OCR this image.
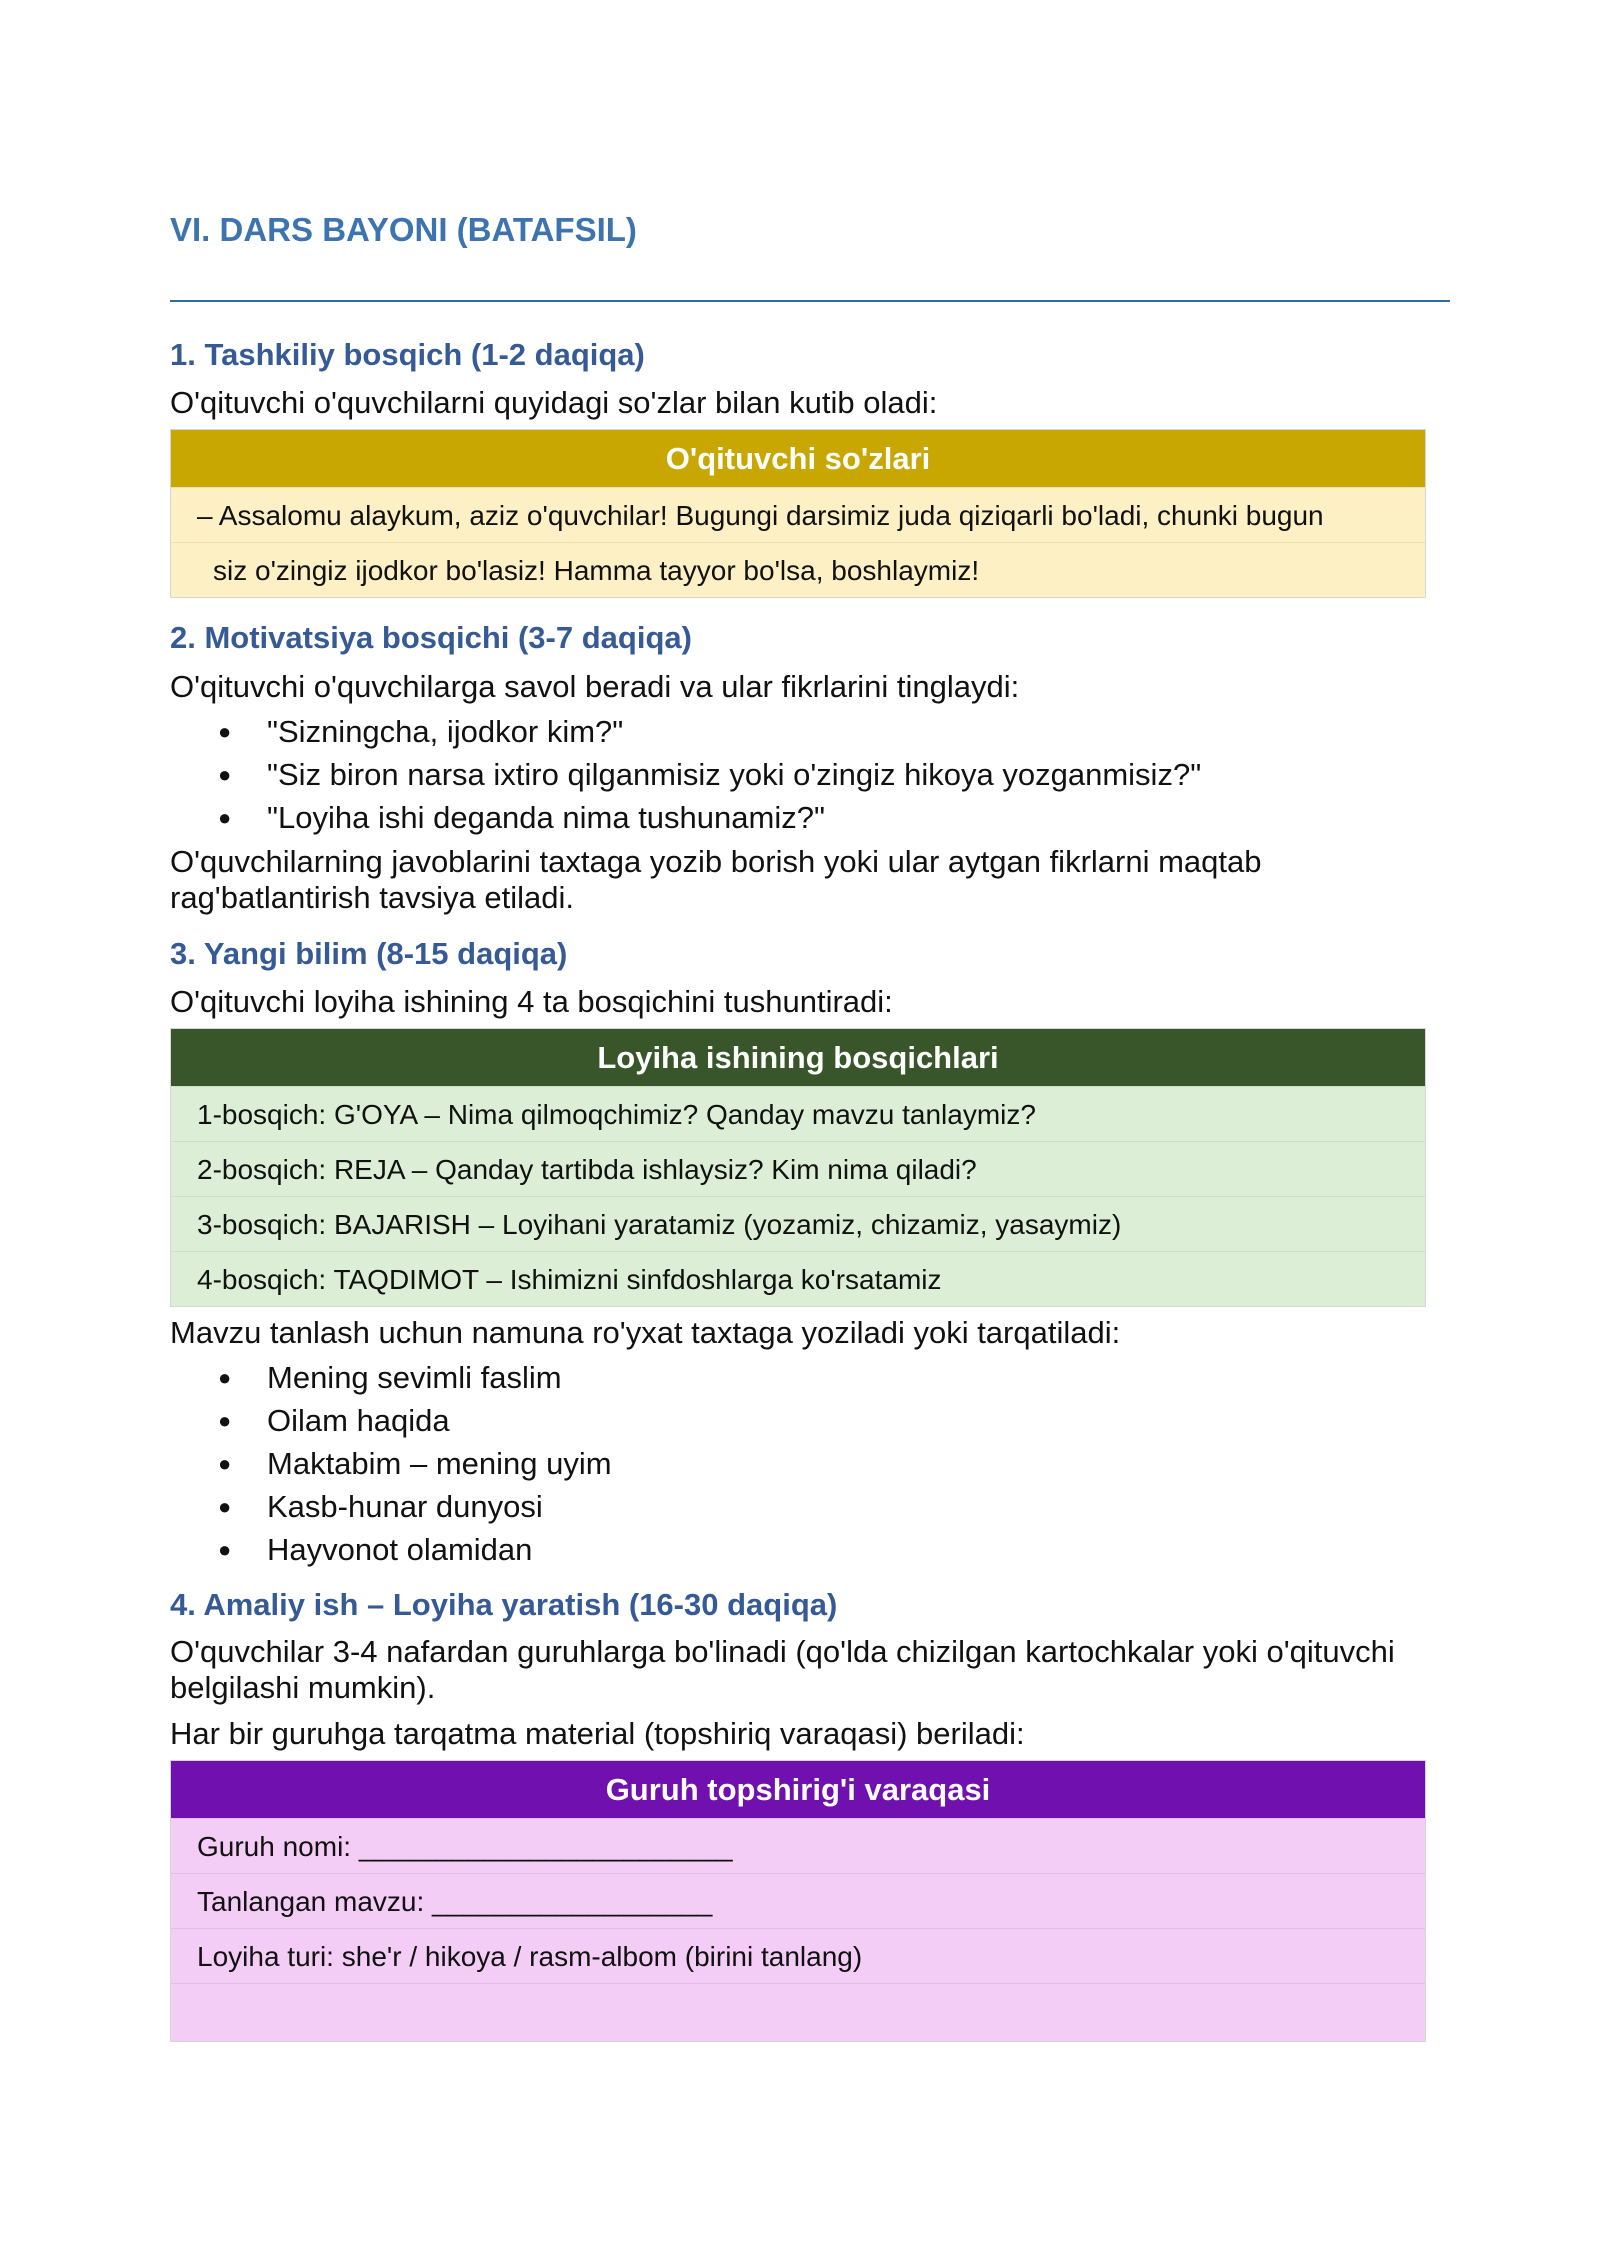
VI. DARS BAYONI (BATAFSIL)
1. Tashkiliy bosqich (1-2 daqiqa)

O'qituvchi o'quvchilarni quyidagi so'zlar bilan kutib oladi:

O'qituvchi so'zlari
– Assalomu alaykum, aziz o'quvchilar! Bugungi darsimiz juda qiziqarli bo'ladi, chunki bugun
siz o'zingiz ijodkor bo'lasiz! Hamma tayyor bo'lsa, boshlaymiz!
2. Motivatsiya bosqichi (3-7 daqiqa)

O'qituvchi o'quvchilarga savol beradi va ular fikrlarini tinglaydi:

● "Sizningcha, ijodkor kim?"
● "Siz biron narsa ixtiro qilganmisiz yoki o'zingiz hikoya yozganmisiz?"
● "Loyiha ishi deganda nima tushunamiz?"

O'quvchilarning javoblarini taxtaga yozib borish yoki ular aytgan fikrlarni maqtab
rag'batlantirish tavsiya etiladi.

3. Yangi bilim (8-15 daqiqa)

O'qituvchi loyiha ishining 4 ta bosqichini tushuntiradi:

Loyiha ishining bosqichlari
1-bosqich: G'OYA – Nima qilmoqchimiz? Qanday mavzu tanlaymiz?
2-bosqich: REJA – Qanday tartibda ishlaysiz? Kim nima qiladi?
3-bosqich: BAJARISH – Loyihani yaratamiz (yozamiz, chizamiz, yasaymiz)
4-bosqich: TAQDIMOT – Ishimizni sinfdoshlarga ko'rsatamiz

Mavzu tanlash uchun namuna ro'yxat taxtaga yoziladi yoki tarqatiladi:

● Mening sevimli faslim
● Oilam haqida
● Maktabim – mening uyim
● Kasb-hunar dunyosi
● Hayvonot olamidan
4. Amaliy ish – Loyiha yaratish (16-30 daqiqa)

O'quvchilar 3-4 nafardan guruhlarga bo'linadi (qo'lda chizilgan kartochkalar yoki o'qituvchi
belgilashi mumkin).

Har bir guruhga tarqatma material (topshiriq varaqasi) beriladi:

Guruh topshirig'i varaqasi
Guruh nomi: ________________________
Tanlangan mavzu: __________________
Loyiha turi: she'r / hikoya / rasm-albom (birini tanlang)
